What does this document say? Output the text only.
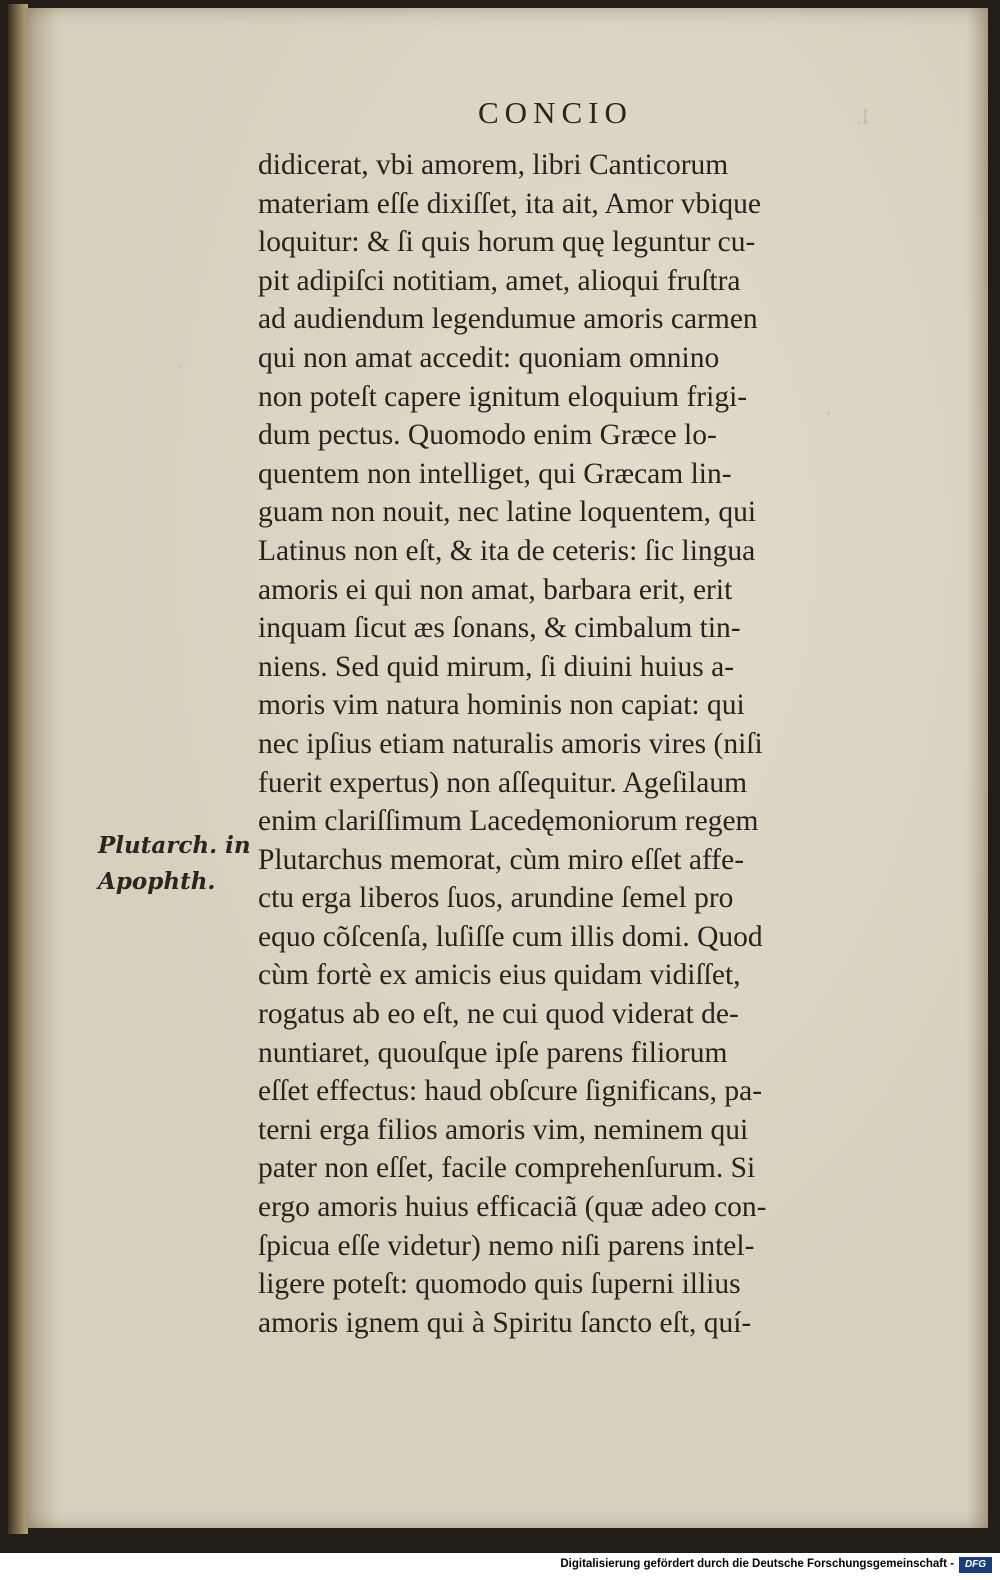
I.
,
·
CONCIO
didicerat, vbi amorem, libri Canticorum
materiam eſſe dixiſſet, ita ait, Amor vbique
loquitur: & ſi quis horum quę leguntur cu-
pit adipiſci notitiam, amet, alioqui fruſtra
ad audiendum legendumue amoris carmen
qui non amat accedit: quoniam omnino
non poteſt capere ignitum eloquium frigi-
dum pectus. Quomodo enim Græce lo-
quentem non intelliget, qui Græcam lin-
guam non nouit, nec latine loquentem, qui
Latinus non eſt, & ita de ceteris: ſic lingua
amoris ei qui non amat, barbara erit, erit
inquam ſicut æs ſonans, & cimbalum tin-
niens. Sed quid mirum, ſi diuini huius a-
moris vim natura hominis non capiat: qui
nec ipſius etiam naturalis amoris vires (niſi
fuerit expertus) non aſſequitur. Ageſilaum
enim clariſſimum Lacedęmoniorum regem
Plutarchus memorat, cùm miro eſſet affe-
ctu erga liberos ſuos, arundine ſemel pro
equo cõſcenſa, luſiſſe cum illis domi. Quod
cùm fortè ex amicis eius quidam vidiſſet,
rogatus ab eo eſt, ne cui quod viderat de-
nuntiaret, quouſque ipſe parens filiorum
eſſet effectus: haud obſcure ſignificans, pa-
terni erga filios amoris vim, neminem qui
pater non eſſet, facile comprehenſurum. Si
ergo amoris huius efficaciã (quæ adeo con-
ſpicua eſſe videtur) nemo niſi parens intel-
ligere poteſt: quomodo quis ſuperni illius
amoris ignem qui à Spiritu ſancto eſt, quí-
Plutarch. in
Apophth.
Digitalisierung gefördert durch die Deutsche Forschungsgemeinschaft -	DFG
